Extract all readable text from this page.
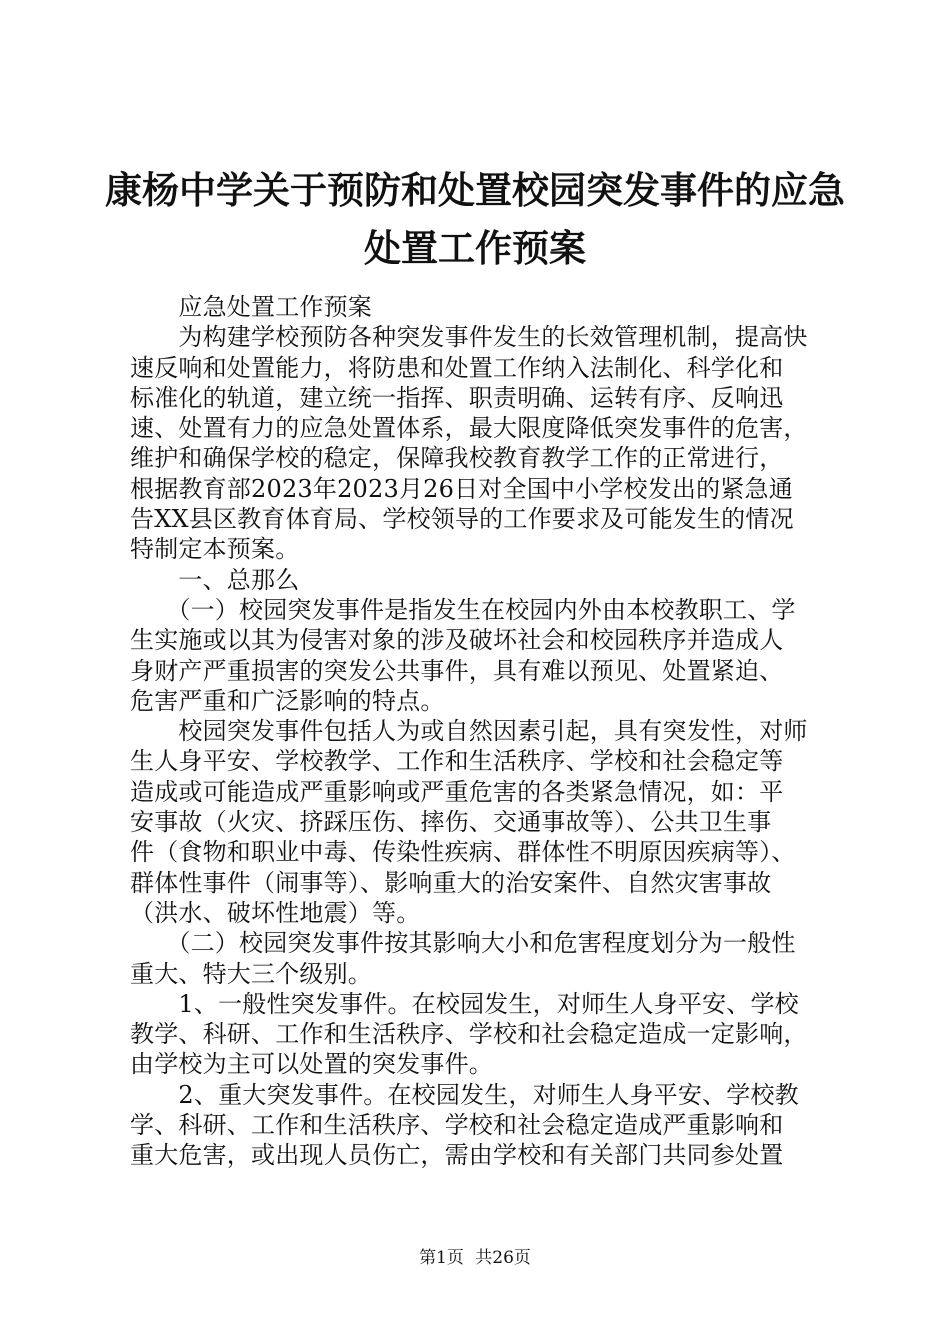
康杨中学关于预防和处置校园突发事件的应急
处置工作预案

　　应急处置工作预案
　　为构建学校预防各种突发事件发生的长效管理机制，提高快
速反响和处置能力，将防患和处置工作纳入法制化、科学化和
标准化的轨道，建立统一指挥、职责明确、运转有序、反响迅
速、处置有力的应急处置体系，最大限度降低突发事件的危害，
维护和确保学校的稳定，保障我校教育教学工作的正常进行，
根据教育部2023年2023月26日对全国中小学校发出的紧急通
告XX县区教育体育局、学校领导的工作要求及可能发生的情况
特制定本预案。
　　一、总那么
　　（一）校园突发事件是指发生在校园内外由本校教职工、学
生实施或以其为侵害对象的涉及破坏社会和校园秩序并造成人
身财产严重损害的突发公共事件，具有难以预见、处置紧迫、
危害严重和广泛影响的特点。
　　校园突发事件包括人为或自然因素引起，具有突发性，对师
生人身平安、学校教学、工作和生活秩序、学校和社会稳定等
造成或可能造成严重影响或严重危害的各类紧急情况，如：平
安事故（火灾、挤踩压伤、摔伤、交通事故等）、公共卫生事
件（食物和职业中毒、传染性疾病、群体性不明原因疾病等）、
群体性事件（闹事等）、影响重大的治安案件、自然灾害事故
（洪水、破坏性地震）等。
　　（二）校园突发事件按其影响大小和危害程度划分为一般性
重大、特大三个级别。
　　1、一般性突发事件。在校园发生，对师生人身平安、学校
教学、科研、工作和生活秩序、学校和社会稳定造成一定影响，
由学校为主可以处置的突发事件。
　　2、重大突发事件。在校园发生，对师生人身平安、学校教
学、科研、工作和生活秩序、学校和社会稳定造成严重影响和
重大危害，或出现人员伤亡，需由学校和有关部门共同参处置

第1页 共26页
